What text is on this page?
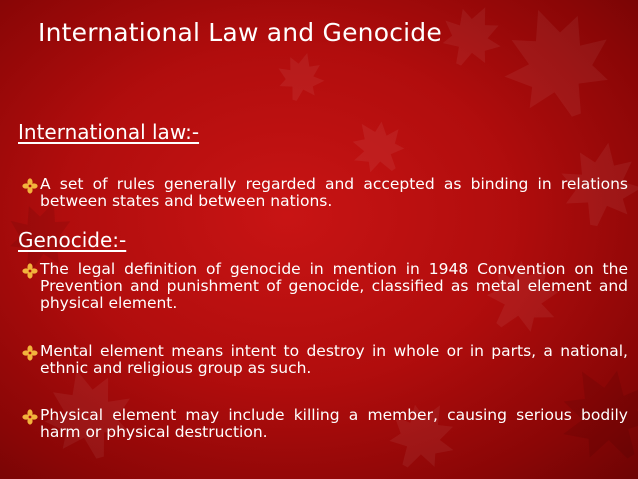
International Law and Genocide
International law:-
A set of rules generally regarded and accepted as binding in relations between states and between nations.
Genocide:-
The legal definition of genocide in mention in 1948 Convention on the Prevention and punishment of genocide, classified as metal element and physical element.
Mental element means intent to destroy in whole or in parts, a national, ethnic and religious group as such.
Physical element may include killing a member, causing serious bodily harm or physical destruction.
